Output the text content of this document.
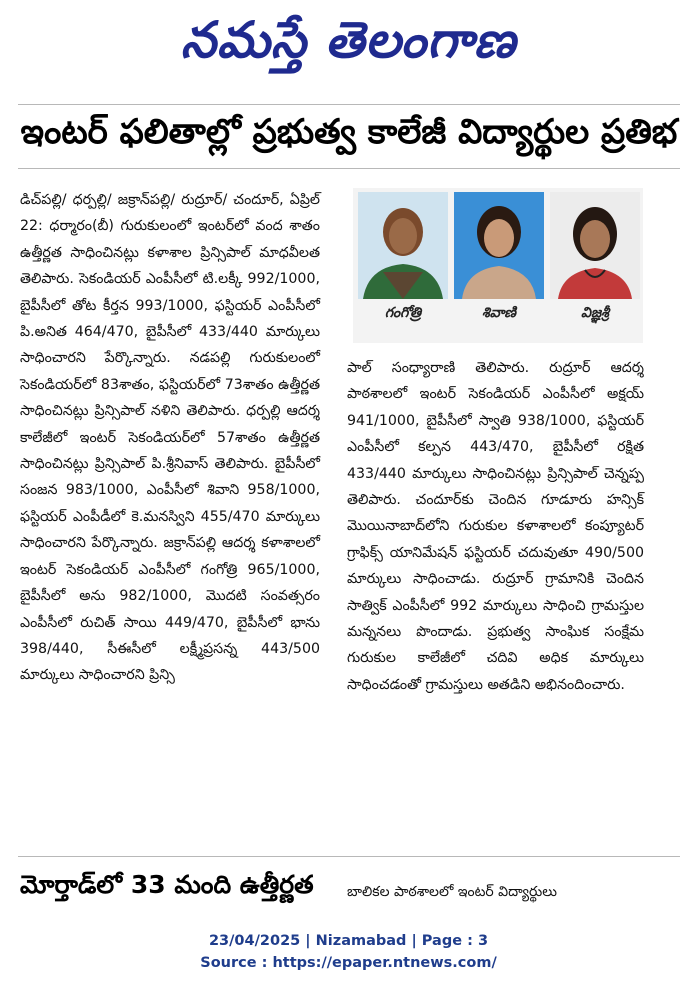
నమస్తే తెలంగాణ
ఇంటర్ ఫలితాల్లో ప్రభుత్వ కాలేజీ విద్యార్థుల ప్రతిభ

డిచ్‌పల్లి/ ధర్పల్లి/ జక్రాన్‌పల్లి/ రుద్రూర్/ చందూర్, ఏప్రిల్ 22: ధర్మారం(బీ) గురుకులంలో ఇంటర్‌లో వంద శాతం ఉత్తీర్ణత సాధించినట్లు కళాశాల ప్రిన్సిపాల్ మాధవీలత తెలిపారు. సెకండియర్ ఎంపీసీలో టి.లక్కీ 992/1000, బైపీసీలో తోట కీర్తన 993/1000, ఫస్టియర్ ఎంపీసీలో పి.అనిత 464/470, బైపీసీలో 433/440 మార్కులు సాధించారని పేర్కొన్నారు. నడపల్లి గురుకులంలో సెకండియర్‌లో 83శాతం, ఫస్టియర్‌లో 73శాతం ఉత్తీర్ణత సాధించినట్లు ప్రిన్సిపాల్ నళిని తెలిపారు. ధర్పల్లి ఆదర్శ కాలేజీలో ఇంటర్ సెకండియర్‌లో 57శాతం ఉత్తీర్ణత సాధించినట్లు ప్రిన్సిపాల్ పి.శ్రీనివాస్ తెలిపారు. బైపీసీలో సంజన 983/1000, ఎంపీసీలో శివాని 958/1000, ఫస్టియర్ ఎంపీడీలో కె.మనస్విని 455/470 మార్కులు సాధించారని పేర్కొన్నారు. జక్రాన్‌పల్లి ఆదర్శ కళాశాలలో ఇంటర్ సెకండియర్ ఎంపీసీలో గంగోత్రి 965/1000, బైపీసీలో అను 982/1000, మొదటి సంవత్సరం ఎంపీసీలో రుచిత్ సాయి 449/470, బైపీసీలో భాను 398/440, సీఈసీలో లక్ష్మీప్రసన్న 443/500 మార్కులు సాధించారని ప్రిన్సి

గంగోత్రి	శివాణి	విజ్ఞశ్రీ

పాల్ సంధ్యారాణి తెలిపారు. రుద్రూర్ ఆదర్శ పాఠశాలలో ఇంటర్ సెకండియర్ ఎంపీసీలో అక్షయ్ 941/1000, బైపీసీలో స్వాతి 938/1000, ఫస్టియర్ ఎంపీసీలో కల్పన 443/470, బైపీసీలో రక్షిత 433/440 మార్కులు సాధించినట్లు ప్రిన్సిపాల్ చెన్నప్ప తెలిపారు. చందూర్‌కు చెందిన గూడూరు హన్సిక్ మొయినాబాద్‌లోని గురుకుల కళాశాలలో కంప్యూటర్ గ్రాఫిక్స్ యానిమేషన్ ఫస్టియర్ చదువుతూ 490/500 మార్కులు సాధించాడు. రుద్రూర్ గ్రామానికి చెందిన సాత్విక్ ఎంపీసీలో 992 మార్కులు సాధించి గ్రామస్తుల మన్ననలు పొందాడు. ప్రభుత్వ సాంఘిక సంక్షేమ గురుకుల కాలేజీలో చదివి అధిక మార్కులు సాధించడంతో గ్రామస్తులు అతడిని అభినందించారు.

మోర్తాడ్‌లో 33 మంది ఉత్తీర్ణత బాలికల పాఠశాలలో ఇంటర్ విద్యార్థులు
23/04/2025 | Nizamabad | Page : 3
Source : https://epaper.ntnews.com/
